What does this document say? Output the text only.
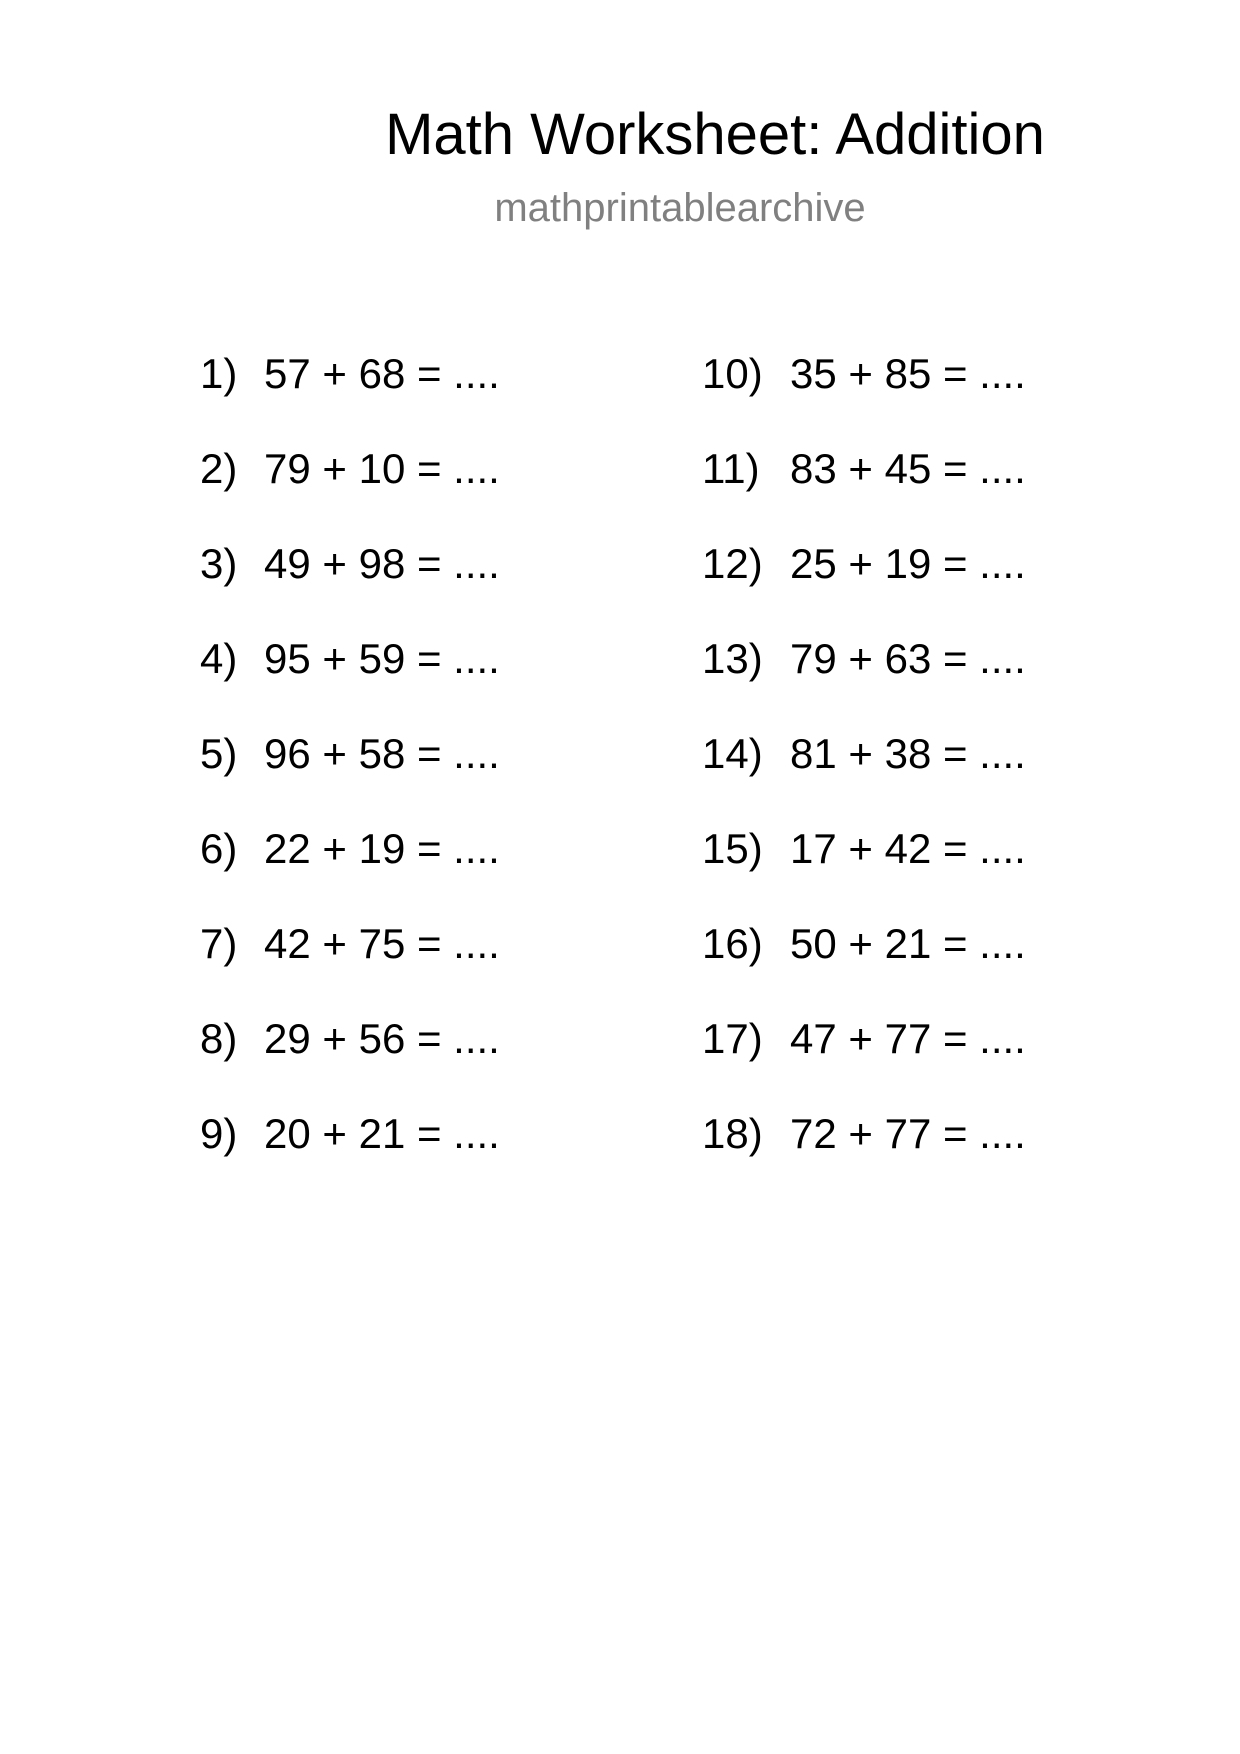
Math Worksheet: Addition
mathprintablearchive
1) 57 + 68 = ....
2) 79 + 10 = ....
3) 49 + 98 = ....
4) 95 + 59 = ....
5) 96 + 58 = ....
6) 22 + 19 = ....
7) 42 + 75 = ....
8) 29 + 56 = ....
9) 20 + 21 = ....
10) 35 + 85 = ....
11) 83 + 45 = ....
12) 25 + 19 = ....
13) 79 + 63 = ....
14) 81 + 38 = ....
15) 17 + 42 = ....
16) 50 + 21 = ....
17) 47 + 77 = ....
18) 72 + 77 = ....
